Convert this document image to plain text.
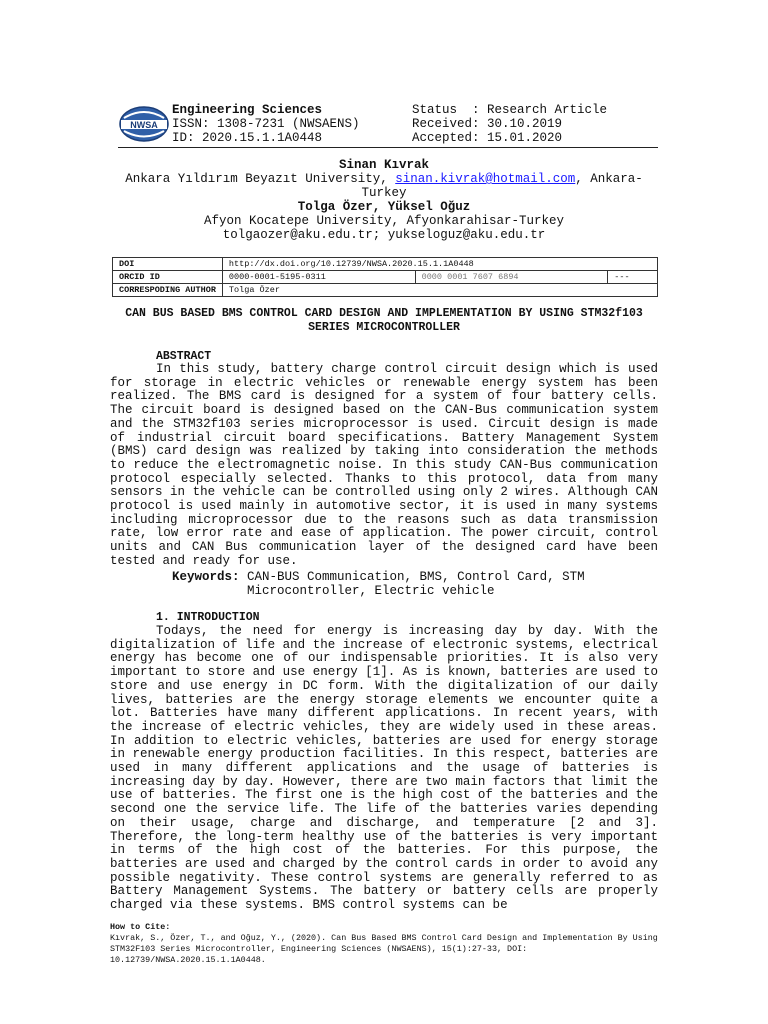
NWSA
Engineering Sciences
ISSN: 1308-7231 (NWSAENS)
ID: 2020.15.1.1A0448
Status  : Research Article
Received: 30.10.2019
Accepted: 15.01.2020
Sinan Kıvrak
Ankara Yıldırım Beyazıt University, sinan.kivrak@hotmail.com, Ankara-Turkey
Tolga Özer, Yüksel Oğuz
Afyon Kocatepe University, Afyonkarahisar-Turkey
tolgaozer@aku.edu.tr; yukseloguz@aku.edu.tr
DOI	http://dx.doi.org/10.12739/NWSA.2020.15.1.1A0448		
ORCID ID	0000-0001-5195-0311	0000 0001 7607 6894	---
CORRESPODING AUTHOR	Tolga Özer		
CAN BUS BASED BMS CONTROL CARD DESIGN AND IMPLEMENTATION BY USING STM32f103 SERIES MICROCONTROLLER
ABSTRACT
In this study, battery charge control circuit design which is used for storage in electric vehicles or renewable energy system has been realized. The BMS card is designed for a system of four battery cells. The circuit board is designed based on the CAN-Bus communication system and the STM32f103 series microprocessor is used. Circuit design is made of industrial circuit board specifications. Battery Management System (BMS) card design was realized by taking into consideration the methods to reduce the electromagnetic noise. In this study CAN-Bus communication protocol especially selected. Thanks to this protocol, data from many sensors in the vehicle can be controlled using only 2 wires. Although CAN protocol is used mainly in automotive sector, it is used in many systems including microprocessor due to the reasons such as data transmission rate, low error rate and ease of application. The power circuit, control units and CAN Bus communication layer of the designed card have been tested and ready for use.
Keywords: CAN-BUS Communication, BMS, Control Card, STM
Microcontroller, Electric vehicle
1. INTRODUCTION
Todays, the need for energy is increasing day by day. With the digitalization of life and the increase of electronic systems, electrical energy has become one of our indispensable priorities. It is also very important to store and use energy [1]. As is known, batteries are used to store and use energy in DC form. With the digitalization of our daily lives, batteries are the energy storage elements we encounter quite a lot. Batteries have many different applications. In recent years, with the increase of electric vehicles, they are widely used in these areas. In addition to electric vehicles, batteries are used for energy storage in renewable energy production facilities. In this respect, batteries are used in many different applications and the usage of batteries is increasing day by day. However, there are two main factors that limit the use of batteries. The first one is the high cost of the batteries and the second one the service life. The life of the batteries varies depending on their usage, charge and discharge, and temperature [2 and 3]. Therefore, the long-term healthy use of the batteries is very important in terms of the high cost of the batteries. For this purpose, the batteries are used and charged by the control cards in order to avoid any possible negativity. These control systems are generally referred to as Battery Management Systems. The battery or battery cells are properly charged via these systems. BMS control systems can be
How to Cite:
Kıvrak, S., Özer, T., and Oğuz, Y., (2020). Can Bus Based BMS Control Card Design and Implementation By Using STM32F103 Series Microcontroller, Engineering Sciences (NWSAENS), 15(1):27-33, DOI: 10.12739/NWSA.2020.15.1.1A0448.
